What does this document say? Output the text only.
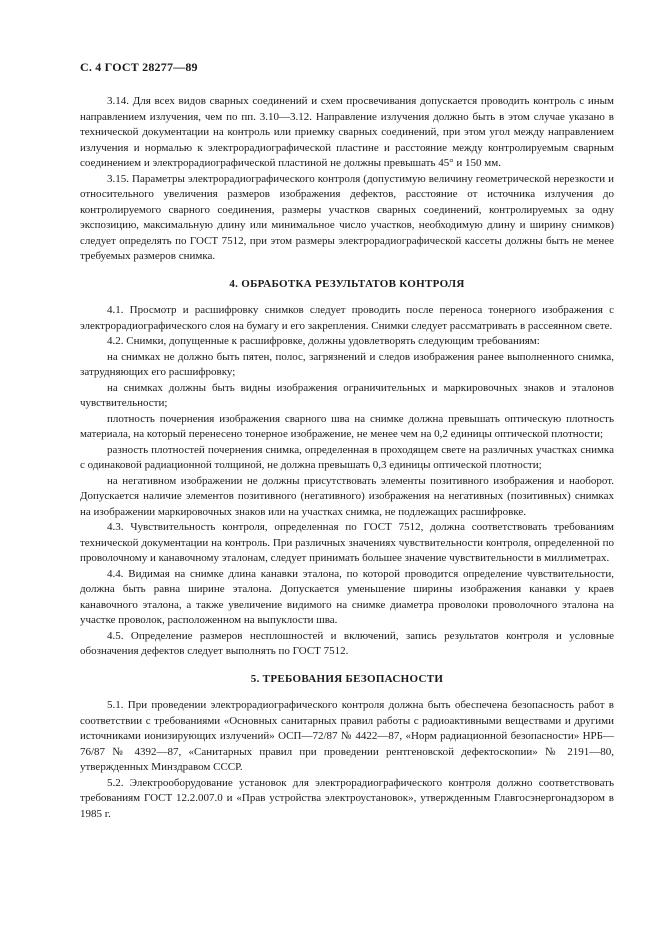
С. 4 ГОСТ 28277—89

3.14. Для всех видов сварных соединений и схем просвечивания допускается проводить контроль с иным направлением излучения, чем по пп. 3.10—3.12. Направление излучения должно быть в этом случае указано в технической документации на контроль или приемку сварных соединений, при этом угол между направлением излучения и нормалью к электрорадиографической пластине и расстояние между контролируемым сварным соединением и электрорадиографической пластиной не должны превышать 45° и 150 мм.

3.15. Параметры электрорадиографического контроля (допустимую величину геометрической нерезкости и относительного увеличения размеров изображения дефектов, расстояние от источника излучения до контролируемого сварного соединения, размеры участков сварных соединений, контролируемых за одну экспозицию, максимальную длину или минимальное число участков, необходимую длину и ширину снимков) следует определять по ГОСТ 7512, при этом размеры электрорадиографической кассеты должны быть не менее требуемых размеров снимка.

4. ОБРАБОТКА РЕЗУЛЬТАТОВ КОНТРОЛЯ

4.1. Просмотр и расшифровку снимков следует проводить после переноса тонерного изображения с электрорадиографического слоя на бумагу и его закрепления. Снимки следует рассматривать в рассеянном свете.

4.2. Снимки, допущенные к расшифровке, должны удовлетворять следующим требованиям:

на снимках не должно быть пятен, полос, загрязнений и следов изображения ранее выполненного снимка, затрудняющих его расшифровку;

на снимках должны быть видны изображения ограничительных и маркировочных знаков и эталонов чувствительности;

плотность почернения изображения сварного шва на снимке должна превышать оптическую плотность материала, на который перенесено тонерное изображение, не менее чем на 0,2 единицы оптической плотности;

разность плотностей почернения снимка, определенная в проходящем свете на различных участках снимка с одинаковой радиационной толщиной, не должна превышать 0,3 единицы оптической плотности;

на негативном изображении не должны присутствовать элементы позитивного изображения и наоборот. Допускается наличие элементов позитивного (негативного) изображения на негативных (позитивных) снимках на изображении маркировочных знаков или на участках снимка, не подлежащих расшифровке.

4.3. Чувствительность контроля, определенная по ГОСТ 7512, должна соответствовать требованиям технической документации на контроль. При различных значениях чувствительности контроля, определенной по проволочному и канавочному эталонам, следует принимать большее значение чувствительности в миллиметрах.

4.4. Видимая на снимке длина канавки эталона, по которой проводится определение чувствительности, должна быть равна ширине эталона. Допускается уменьшение ширины изображения канавки у краев канавочного эталона, а также увеличение видимого на снимке диаметра проволоки проволочного эталона на участке проволок, расположенном на выпуклости шва.

4.5. Определение размеров несплошностей и включений, запись результатов контроля и условные обозначения дефектов следует выполнять по ГОСТ 7512.

5. ТРЕБОВАНИЯ БЕЗОПАСНОСТИ

5.1. При проведении электрорадиографического контроля должна быть обеспечена безопасность работ в соответствии с требованиями «Основных санитарных правил работы с радиоактивными веществами и другими источниками ионизирующих излучений» ОСП—72/87 № 4422—87, «Норм радиационной безопасности» НРБ—76/87 № 4392—87, «Санитарных правил при проведении рентгеновской дефектоскопии» № 2191—80, утвержденных Минздравом СССР.

5.2. Электрооборудование установок для электрорадиографического контроля должно соответствовать требованиям ГОСТ 12.2.007.0 и «Прав устройства электроустановок», утвержденным Главгосэнергонадзором в 1985 г.
